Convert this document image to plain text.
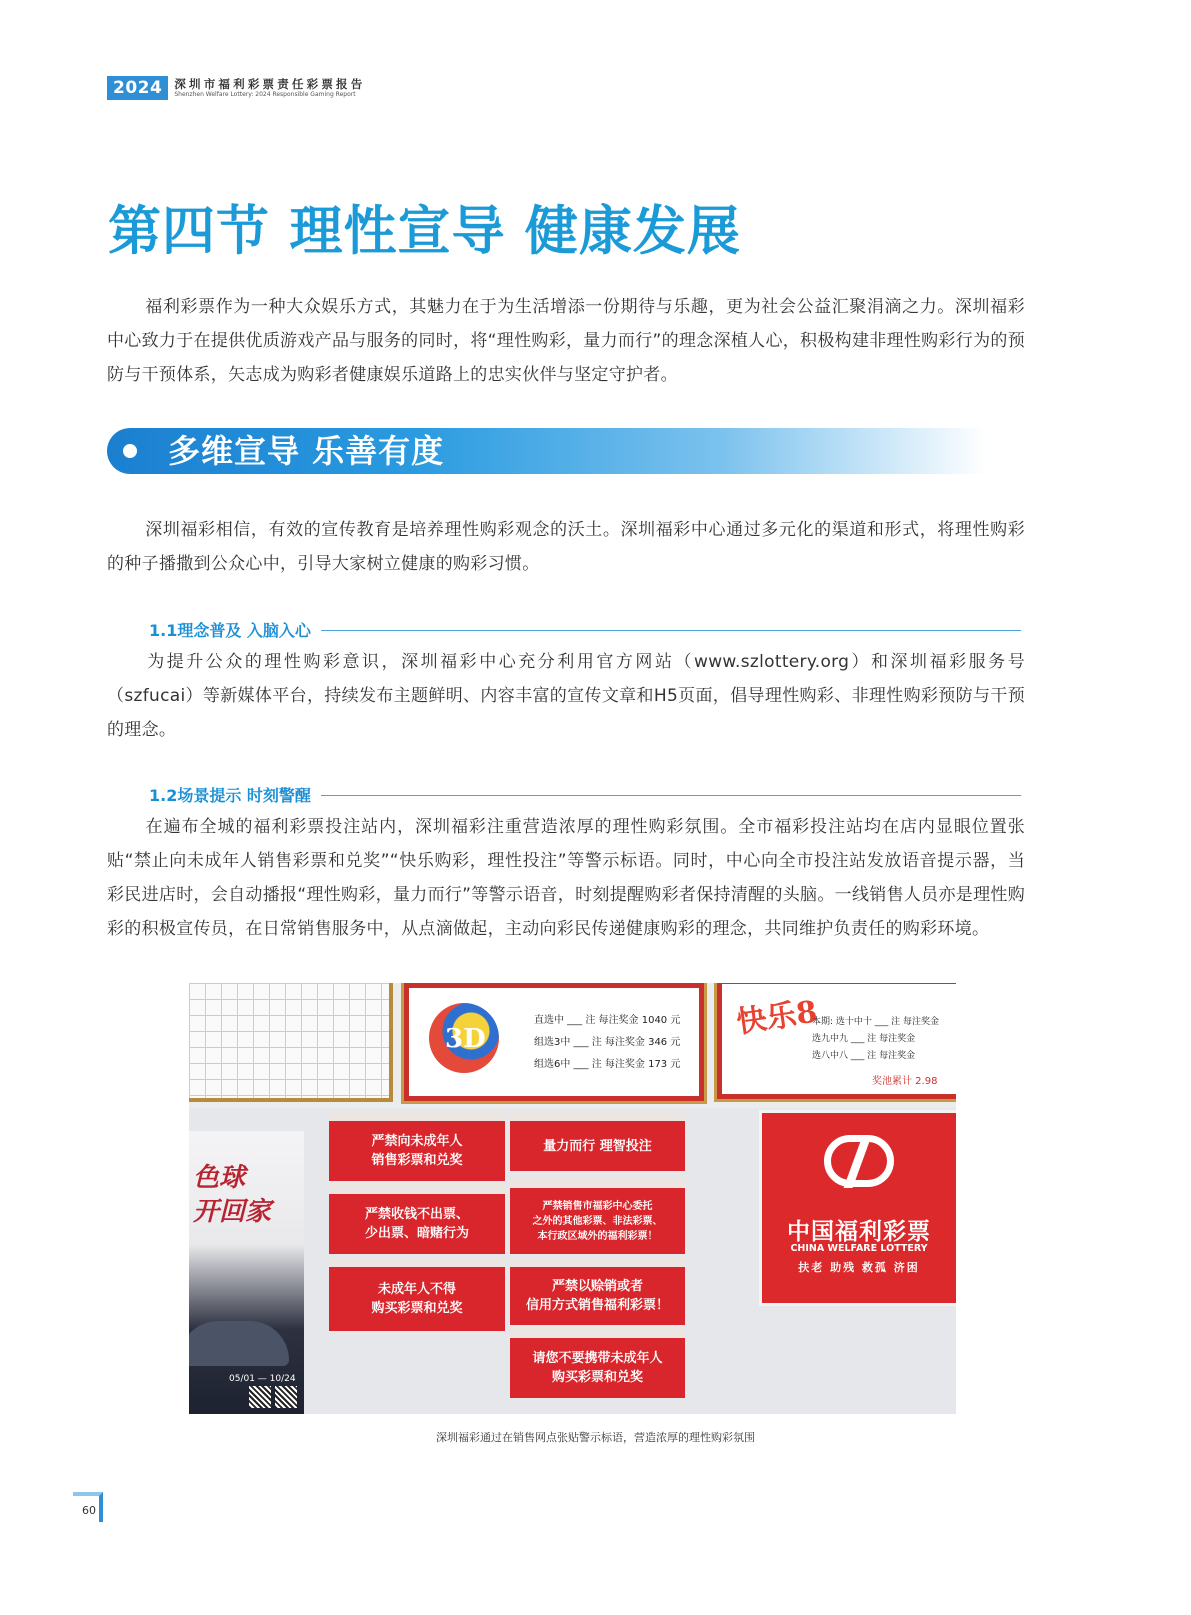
2024	深圳市福利彩票责任彩票报告
Shenzhen Welfare Lottery: 2024 Responsible Gaming Report
第四节 理性宣导 健康发展

福利彩票作为一种大众娱乐方式，其魅力在于为生活增添一份期待与乐趣，更为社会公益汇聚涓滴之力。深圳福彩中心致力于在提供优质游戏产品与服务的同时，将“理性购彩，量力而行”的理念深植人心，积极构建非理性购彩行为的预防与干预体系，矢志成为购彩者健康娱乐道路上的忠实伙伴与坚定守护者。

多维宣导 乐善有度

深圳福彩相信，有效的宣传教育是培养理性购彩观念的沃土。深圳福彩中心通过多元化的渠道和形式，将理性购彩的种子播撒到公众心中，引导大家树立健康的购彩习惯。

1.1理念普及 入脑入心

为提升公众的理性购彩意识，深圳福彩中心充分利用官方网站（www.szlottery.org）和深圳福彩服务号（szfucai）等新媒体平台，持续发布主题鲜明、内容丰富的宣传文章和H5页面，倡导理性购彩、非理性购彩预防与干预的理念。

1.2场景提示 时刻警醒

在遍布全城的福利彩票投注站内，深圳福彩注重营造浓厚的理性购彩氛围。全市福彩投注站均在店内显眼位置张贴“禁止向未成年人销售彩票和兑奖”“快乐购彩，理性投注”等警示标语。同时，中心向全市投注站发放语音提示器，当彩民进店时，会自动播报“理性购彩，量力而行”等警示语音，时刻提醒购彩者保持清醒的头脑。一线销售人员亦是理性购彩的积极宣传员，在日常销售服务中，从点滴做起，主动向彩民传递健康购彩的理念，共同维护负责任的购彩环境。

3D
直选中 ___ 注 每注奖金 1040 元
组选3中 ___ 注 每注奖金 346 元
组选6中 ___ 注 每注奖金 173 元
快乐8
本期: 选十中十 ___ 注 每注奖金
选九中九 ___ 注 每注奖金
选八中八 ___ 注 每注奖金
奖池累计 2.98
色球
开回家
05/01 — 10/24
严禁向未成年人
销售彩票和兑奖
量力而行 理智投注
严禁收钱不出票、
少出票、暗赌行为
严禁销售市福彩中心委托
之外的其他彩票、非法彩票、
本行政区域外的福利彩票！
未成年人不得
购买彩票和兑奖
严禁以赊销或者
信用方式销售福利彩票！
请您不要携带未成年人
购买彩票和兑奖
中国福利彩票
CHINA WELFARE LOTTERY
扶老 助残 救孤 济困
深圳福彩通过在销售网点张贴警示标语，营造浓厚的理性购彩氛围
60
